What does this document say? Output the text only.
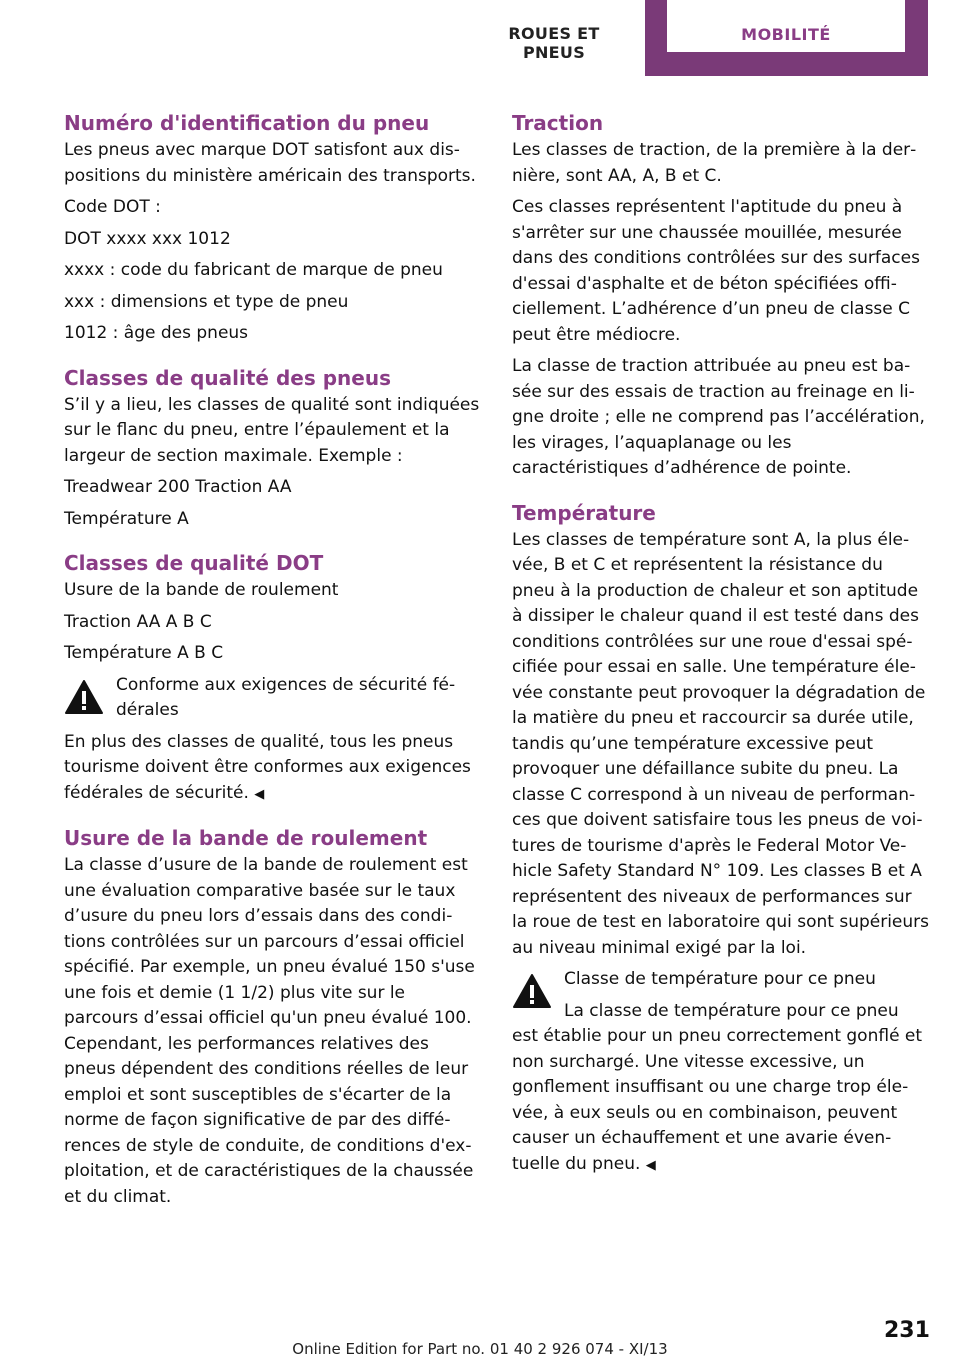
ROUES ET PNEUS
MOBILITÉ
Numéro d'identification du pneu

Les pneus avec marque DOT satisfont aux dispositions du ministère américain des transports.

Code DOT :

DOT xxxx xxx 1012

xxxx : code du fabricant de marque de pneu

xxx : dimensions et type de pneu

1012 : âge des pneus

Classes de qualité des pneus

S’il y a lieu, les classes de qualité sont indiquées sur le flanc du pneu, entre l’épaulement et la largeur de section maximale. Exemple :

Treadwear 200 Traction AA

Température A

Classes de qualité DOT

Usure de la bande de roulement

Traction AA A B C

Température A B C

Conforme aux exigences de sécurité fédérales

En plus des classes de qualité, tous les pneus tourisme doivent être conformes aux exigences fédérales de sécurité. ◀

Usure de la bande de roulement

La classe d’usure de la bande de roulement est une évaluation comparative basée sur le taux d’usure du pneu lors d’essais dans des conditions contrôlées sur un parcours d’essai officiel spécifié. Par exemple, un pneu évalué 150 s'use une fois et demie (1 1/2) plus vite sur le parcours d’essai officiel qu'un pneu évalué 100. Cependant, les performances relatives des pneus dépendent des conditions réelles de leur emploi et sont susceptibles de s'écarter de la norme de façon significative de par des différences de style de conduite, de conditions d'exploitation, et de caractéristiques de la chaussée et du climat.

Traction

Les classes de traction, de la première à la dernière, sont AA, A, B et C.

Ces classes représentent l'aptitude du pneu à s'arrêter sur une chaussée mouillée, mesurée dans des conditions contrôlées sur des surfaces d'essai d'asphalte et de béton spécifiées officiellement. L’adhérence d’un pneu de classe C peut être médiocre.

La classe de traction attribuée au pneu est basée sur des essais de traction au freinage en ligne droite ; elle ne comprend pas l’accélération, les virages, l’aquaplanage ou les caractéristiques d’adhérence de pointe.

Température

Les classes de température sont A, la plus élevée, B et C et représentent la résistance du pneu à la production de chaleur et son aptitude à dissiper le chaleur quand il est testé dans des conditions contrôlées sur une roue d'essai spécifiée pour essai en salle. Une température élevée constante peut provoquer la dégradation de la matière du pneu et raccourcir sa durée utile, tandis qu’une température excessive peut provoquer une défaillance subite du pneu. La classe C correspond à un niveau de performances que doivent satisfaire tous les pneus de voitures de tourisme d'après le Federal Motor Vehicle Safety Standard N° 109. Les classes B et A représentent des niveaux de performances sur la roue de test en laboratoire qui sont supérieurs au niveau minimal exigé par la loi.

Classe de température pour ce pneu

La classe de température pour ce pneu est établie pour un pneu correctement gonflé et non surchargé. Une vitesse excessive, un gonflement insuffisant ou une charge trop élevée, à eux seuls ou en combinaison, peuvent causer un échauffement et une avarie éventuelle du pneu. ◀

231
Online Edition for Part no. 01 40 2 926 074 - XI/13
